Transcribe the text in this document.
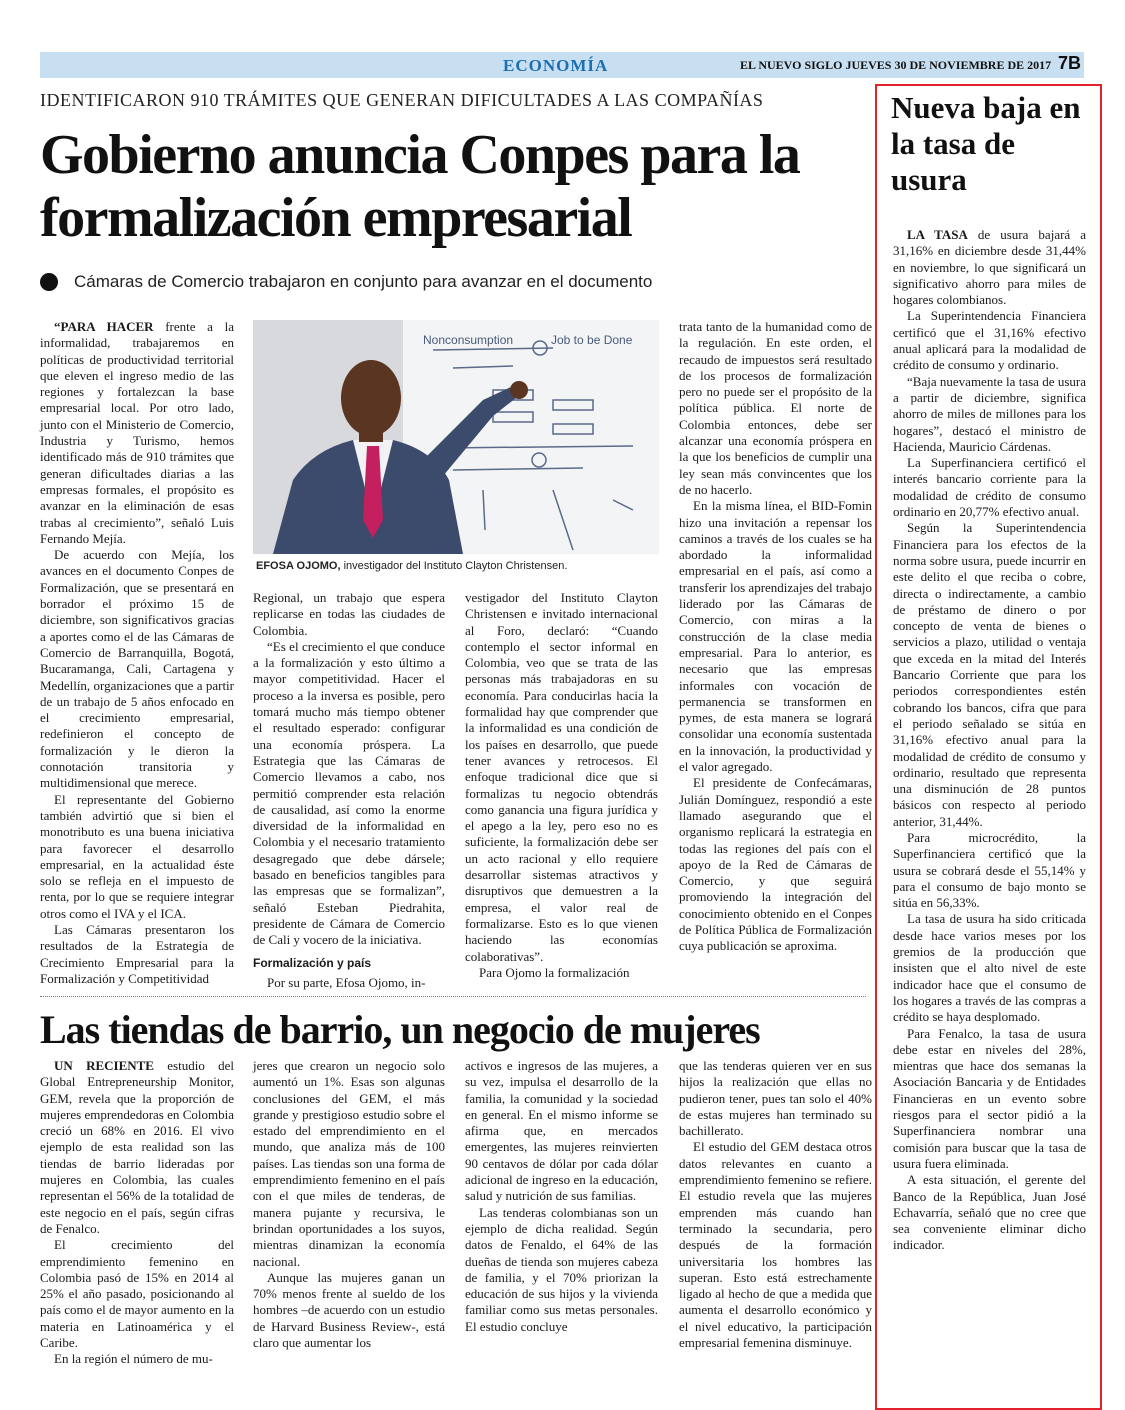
ECONOMÍA	EL NUEVO SIGLO JUEVES 30 DE NOVIEMBRE DE 2017 7B
IDENTIFICARON 910 TRÁMITES QUE GENERAN DIFICULTADES A LAS COMPAÑÍAS
Gobierno anuncia Conpes para la formalización empresarial
Cámaras de Comercio trabajaron en conjunto para avanzar en el documento

“PARA HACER frente a la informalidad, trabajaremos en políticas de productividad territorial que eleven el ingreso medio de las regiones y fortalezcan la base empresarial local. Por otro lado, junto con el Ministerio de Comercio, Industria y Turismo, hemos identificado más de 910 trámites que generan dificultades diarias a las empresas formales, el propósito es avanzar en la eliminación de esas trabas al crecimiento”, señaló Luis Fernando Mejía.

De acuerdo con Mejía, los avances en el documento Conpes de Formalización, que se presentará en borrador el próximo 15 de diciembre, son significativos gracias a aportes como el de las Cámaras de Comercio de Barranquilla, Bogotá, Bucaramanga, Cali, Cartagena y Medellín, organizaciones que a partir de un trabajo de 5 años enfocado en el crecimiento empresarial, redefinieron el concepto de formalización y le dieron la connotación transitoria y multidimensional que merece.

El representante del Gobierno también advirtió que si bien el monotributo es una buena iniciativa para favorecer el desarrollo empresarial, en la actualidad éste solo se refleja en el impuesto de renta, por lo que se requiere integrar otros como el IVA y el ICA.

Las Cámaras presentaron los resultados de la Estrategia de Crecimiento Empresarial para la Formalización y Competitividad

Nonconsumption	Job to be Done
EFOSA OJOMO, investigador del Instituto Clayton Christensen.

Regional, un trabajo que espera replicarse en todas las ciudades de Colombia.

“Es el crecimiento el que conduce a la formalización y esto último a mayor competitividad. Hacer el proceso a la inversa es posible, pero tomará mucho más tiempo obtener el resultado esperado: configurar una economía próspera. La Estrategia que las Cámaras de Comercio llevamos a cabo, nos permitió comprender esta relación de causalidad, así como la enorme diversidad de la informalidad en Colombia y el necesario tratamiento desagregado que debe dársele; basado en beneficios tangibles para las empresas que se formalizan”, señaló Esteban Piedrahita, presidente de Cámara de Comercio de Cali y vocero de la iniciativa.

Formalización y país

Por su parte, Efosa Ojomo, in-

vestigador del Instituto Clayton Christensen e invitado internacional al Foro, declaró: “Cuando contemplo el sector informal en Colombia, veo que se trata de las personas más trabajadoras en su economía. Para conducirlas hacia la formalidad hay que comprender que la informalidad es una condición de los países en desarrollo, que puede tener avances y retrocesos. El enfoque tradicional dice que si formalizas tu negocio obtendrás como ganancia una figura jurídica y el apego a la ley, pero eso no es suficiente, la formalización debe ser un acto racional y ello requiere desarrollar sistemas atractivos y disruptivos que demuestren a la empresa, el valor real de formalizarse. Esto es lo que vienen haciendo las economías colaborativas”.

Para Ojomo la formalización

trata tanto de la humanidad como de la regulación. En este orden, el recaudo de impuestos será resultado de los procesos de formalización pero no puede ser el propósito de la política pública. El norte de Colombia entonces, debe ser alcanzar una economía próspera en la que los beneficios de cumplir una ley sean más convincentes que los de no hacerlo.

En la misma línea, el BID-Fomin hizo una invitación a repensar los caminos a través de los cuales se ha abordado la informalidad empresarial en el país, así como a transferir los aprendizajes del trabajo liderado por las Cámaras de Comercio, con miras a la construcción de la clase media empresarial. Para lo anterior, es necesario que las empresas informales con vocación de permanencia se transformen en pymes, de esta manera se logrará consolidar una economía sustentada en la innovación, la productividad y el valor agregado.

El presidente de Confecámaras, Julián Domínguez, respondió a este llamado asegurando que el organismo replicará la estrategia en todas las regiones del país con el apoyo de la Red de Cámaras de Comercio, y que seguirá promoviendo la integración del conocimiento obtenido en el Conpes de Política Pública de Formalización cuya publicación se aproxima.

Las tiendas de barrio, un negocio de mujeres

UN RECIENTE estudio del Global Entrepreneurship Monitor, GEM, revela que la proporción de mujeres emprendedoras en Colombia creció un 68% en 2016. El vivo ejemplo de esta realidad son las tiendas de barrio lideradas por mujeres en Colombia, las cuales representan el 56% de la totalidad de este negocio en el país, según cifras de Fenalco.

El crecimiento del emprendimiento femenino en Colombia pasó de 15% en 2014 al 25% el año pasado, posicionando al país como el de mayor aumento en la materia en Latinoamérica y el Caribe.

En la región el número de mu-

jeres que crearon un negocio solo aumentó un 1%. Esas son algunas conclusiones del GEM, el más grande y prestigioso estudio sobre el estado del emprendimiento en el mundo, que analiza más de 100 países. Las tiendas son una forma de emprendimiento femenino en el país con el que miles de tenderas, de manera pujante y recursiva, le brindan oportunidades a los suyos, mientras dinamizan la economía nacional.

Aunque las mujeres ganan un 70% menos frente al sueldo de los hombres –de acuerdo con un estudio de Harvard Business Review-, está claro que aumentar los

activos e ingresos de las mujeres, a su vez, impulsa el desarrollo de la familia, la comunidad y la sociedad en general. En el mismo informe se afirma que, en mercados emergentes, las mujeres reinvierten 90 centavos de dólar por cada dólar adicional de ingreso en la educación, salud y nutrición de sus familias.

Las tenderas colombianas son un ejemplo de dicha realidad. Según datos de Fenaldo, el 64% de las dueñas de tienda son mujeres cabeza de familia, y el 70% priorizan la educación de sus hijos y la vivienda familiar como sus metas personales. El estudio concluye

que las tenderas quieren ver en sus hijos la realización que ellas no pudieron tener, pues tan solo el 40% de estas mujeres han terminado su bachillerato.

El estudio del GEM destaca otros datos relevantes en cuanto a emprendimiento femenino se refiere. El estudio revela que las mujeres emprenden más cuando han terminado la secundaria, pero después de la formación universitaria los hombres las superan. Esto está estrechamente ligado al hecho de que a medida que aumenta el desarrollo económico y el nivel educativo, la participación empresarial femenina disminuye.

Nueva baja en la tasa de usura

LA TASA de usura bajará a 31,16% en diciembre desde 31,44% en noviembre, lo que significará un significativo ahorro para miles de hogares colombianos.

La Superintendencia Financiera certificó que el 31,16% efectivo anual aplicará para la modalidad de crédito de consumo y ordinario.

“Baja nuevamente la tasa de usura a partir de diciembre, significa ahorro de miles de millones para los hogares”, destacó el ministro de Hacienda, Mauricio Cárdenas.

La Superfinanciera certificó el interés bancario corriente para la modalidad de crédito de consumo ordinario en 20,77% efectivo anual.

Según la Superintendencia Financiera para los efectos de la norma sobre usura, puede incurrir en este delito el que reciba o cobre, directa o indirectamente, a cambio de préstamo de dinero o por concepto de venta de bienes o servicios a plazo, utilidad o ventaja que exceda en la mitad del Interés Bancario Corriente que para los periodos correspondientes estén cobrando los bancos, cifra que para el periodo señalado se sitúa en 31,16% efectivo anual para la modalidad de crédito de consumo y ordinario, resultado que representa una disminución de 28 puntos básicos con respecto al periodo anterior, 31,44%.

Para microcrédito, la Superfinanciera certificó que la usura se cobrará desde el 55,14% y para el consumo de bajo monto se sitúa en 56,33%.

La tasa de usura ha sido criticada desde hace varios meses por los gremios de la producción que insisten que el alto nivel de este indicador hace que el consumo de los hogares a través de las compras a crédito se haya desplomado.

Para Fenalco, la tasa de usura debe estar en niveles del 28%, mientras que hace dos semanas la Asociación Bancaria y de Entidades Financieras en un evento sobre riesgos para el sector pidió a la Superfinanciera nombrar una comisión para buscar que la tasa de usura fuera eliminada.

A esta situación, el gerente del Banco de la República, Juan José Echavarría, señaló que no cree que sea conveniente eliminar dicho indicador.
